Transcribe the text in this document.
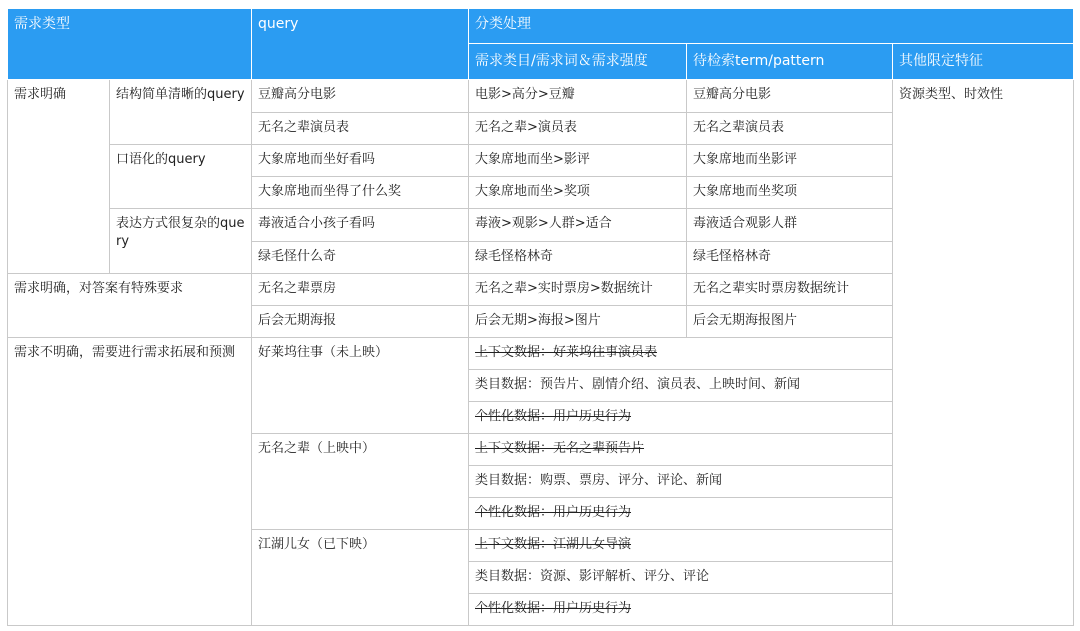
需求类型		query	分类处理		
			需求类目/需求词＆需求强度	待检索term/pattern	其他限定特征
需求明确	结构简单清晰的query	豆瓣高分电影	电影>高分>豆瓣	豆瓣高分电影	资源类型、时效性
		无名之辈演员表	无名之辈>演员表	无名之辈演员表	
	口语化的query	大象席地而坐好看吗	大象席地而坐>影评	大象席地而坐影评	
		大象席地而坐得了什么奖	大象席地而坐>奖项	大象席地而坐奖项	
	表达方式很复杂的query	毒液适合小孩子看吗	毒液>观影>人群>适合	毒液适合观影人群	
		绿毛怪什么奇	绿毛怪格林奇	绿毛怪格林奇	
需求明确，对答案有特殊要求		无名之辈票房	无名之辈>实时票房>数据统计	无名之辈实时票房数据统计	
		后会无期海报	后会无期>海报>图片	后会无期海报图片	
需求不明确，需要进行需求拓展和预测		好莱坞往事（未上映）	上下文数据：好莱坞往事演员表		
			类目数据：预告片、剧情介绍、演员表、上映时间、新闻		
			个性化数据：用户历史行为		
		无名之辈（上映中）	上下文数据：无名之辈预告片		
			类目数据：购票、票房、评分、评论、新闻		
			个性化数据：用户历史行为		
		江湖儿女（已下映）	上下文数据：江湖儿女导演		
			类目数据：资源、影评解析、评分、评论		
			个性化数据：用户历史行为		
